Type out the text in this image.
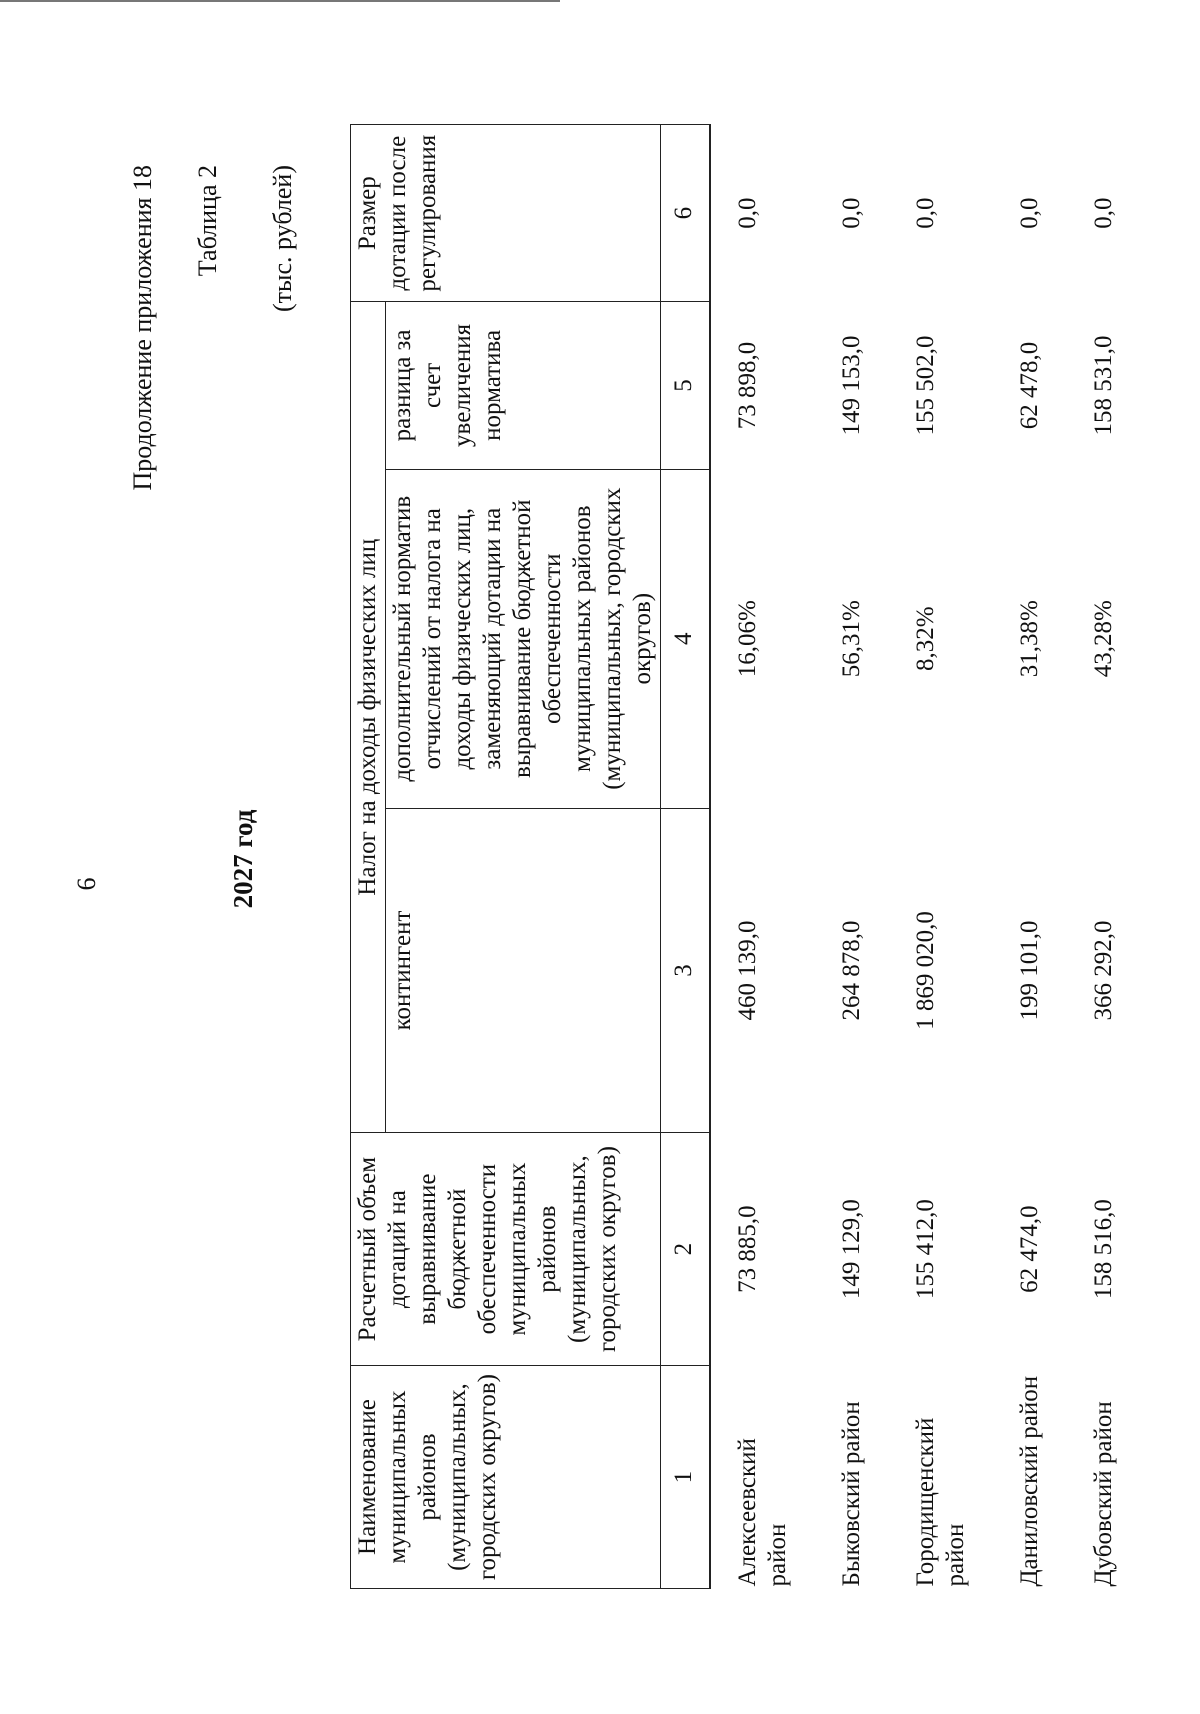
6
Продолжение приложения 18 Таблица 2
2027 год
(тыс. рублей)
Наименование муниципальных районов (муниципальных, городских округов)	Расчетный объем дотаций на выравнивание бюджетной обеспеченности муниципальных районов (муниципальных, городских округов)	Налог на доходы физических лиц			Размер дотации после регулирования
		контингент	дополнительный норматив отчислений от налога на доходы физических лиц, заменяющий дотации на выравнивание бюджетной обеспеченности муниципальных районов (муниципальных, городских округов)	разница за счет увеличения норматива	
1	2	3	4	5	6
Алексеевский район	73 885,0	460 139,0	16,06%	73 898,0	0,0
Быковский район	149 129,0	264 878,0	56,31%	149 153,0	0,0
Городищенский район	155 412,0	1 869 020,0	8,32%	155 502,0	0,0
Даниловский район	62 474,0	199 101,0	31,38%	62 478,0	0,0
Дубовский район	158 516,0	366 292,0	43,28%	158 531,0	0,0
